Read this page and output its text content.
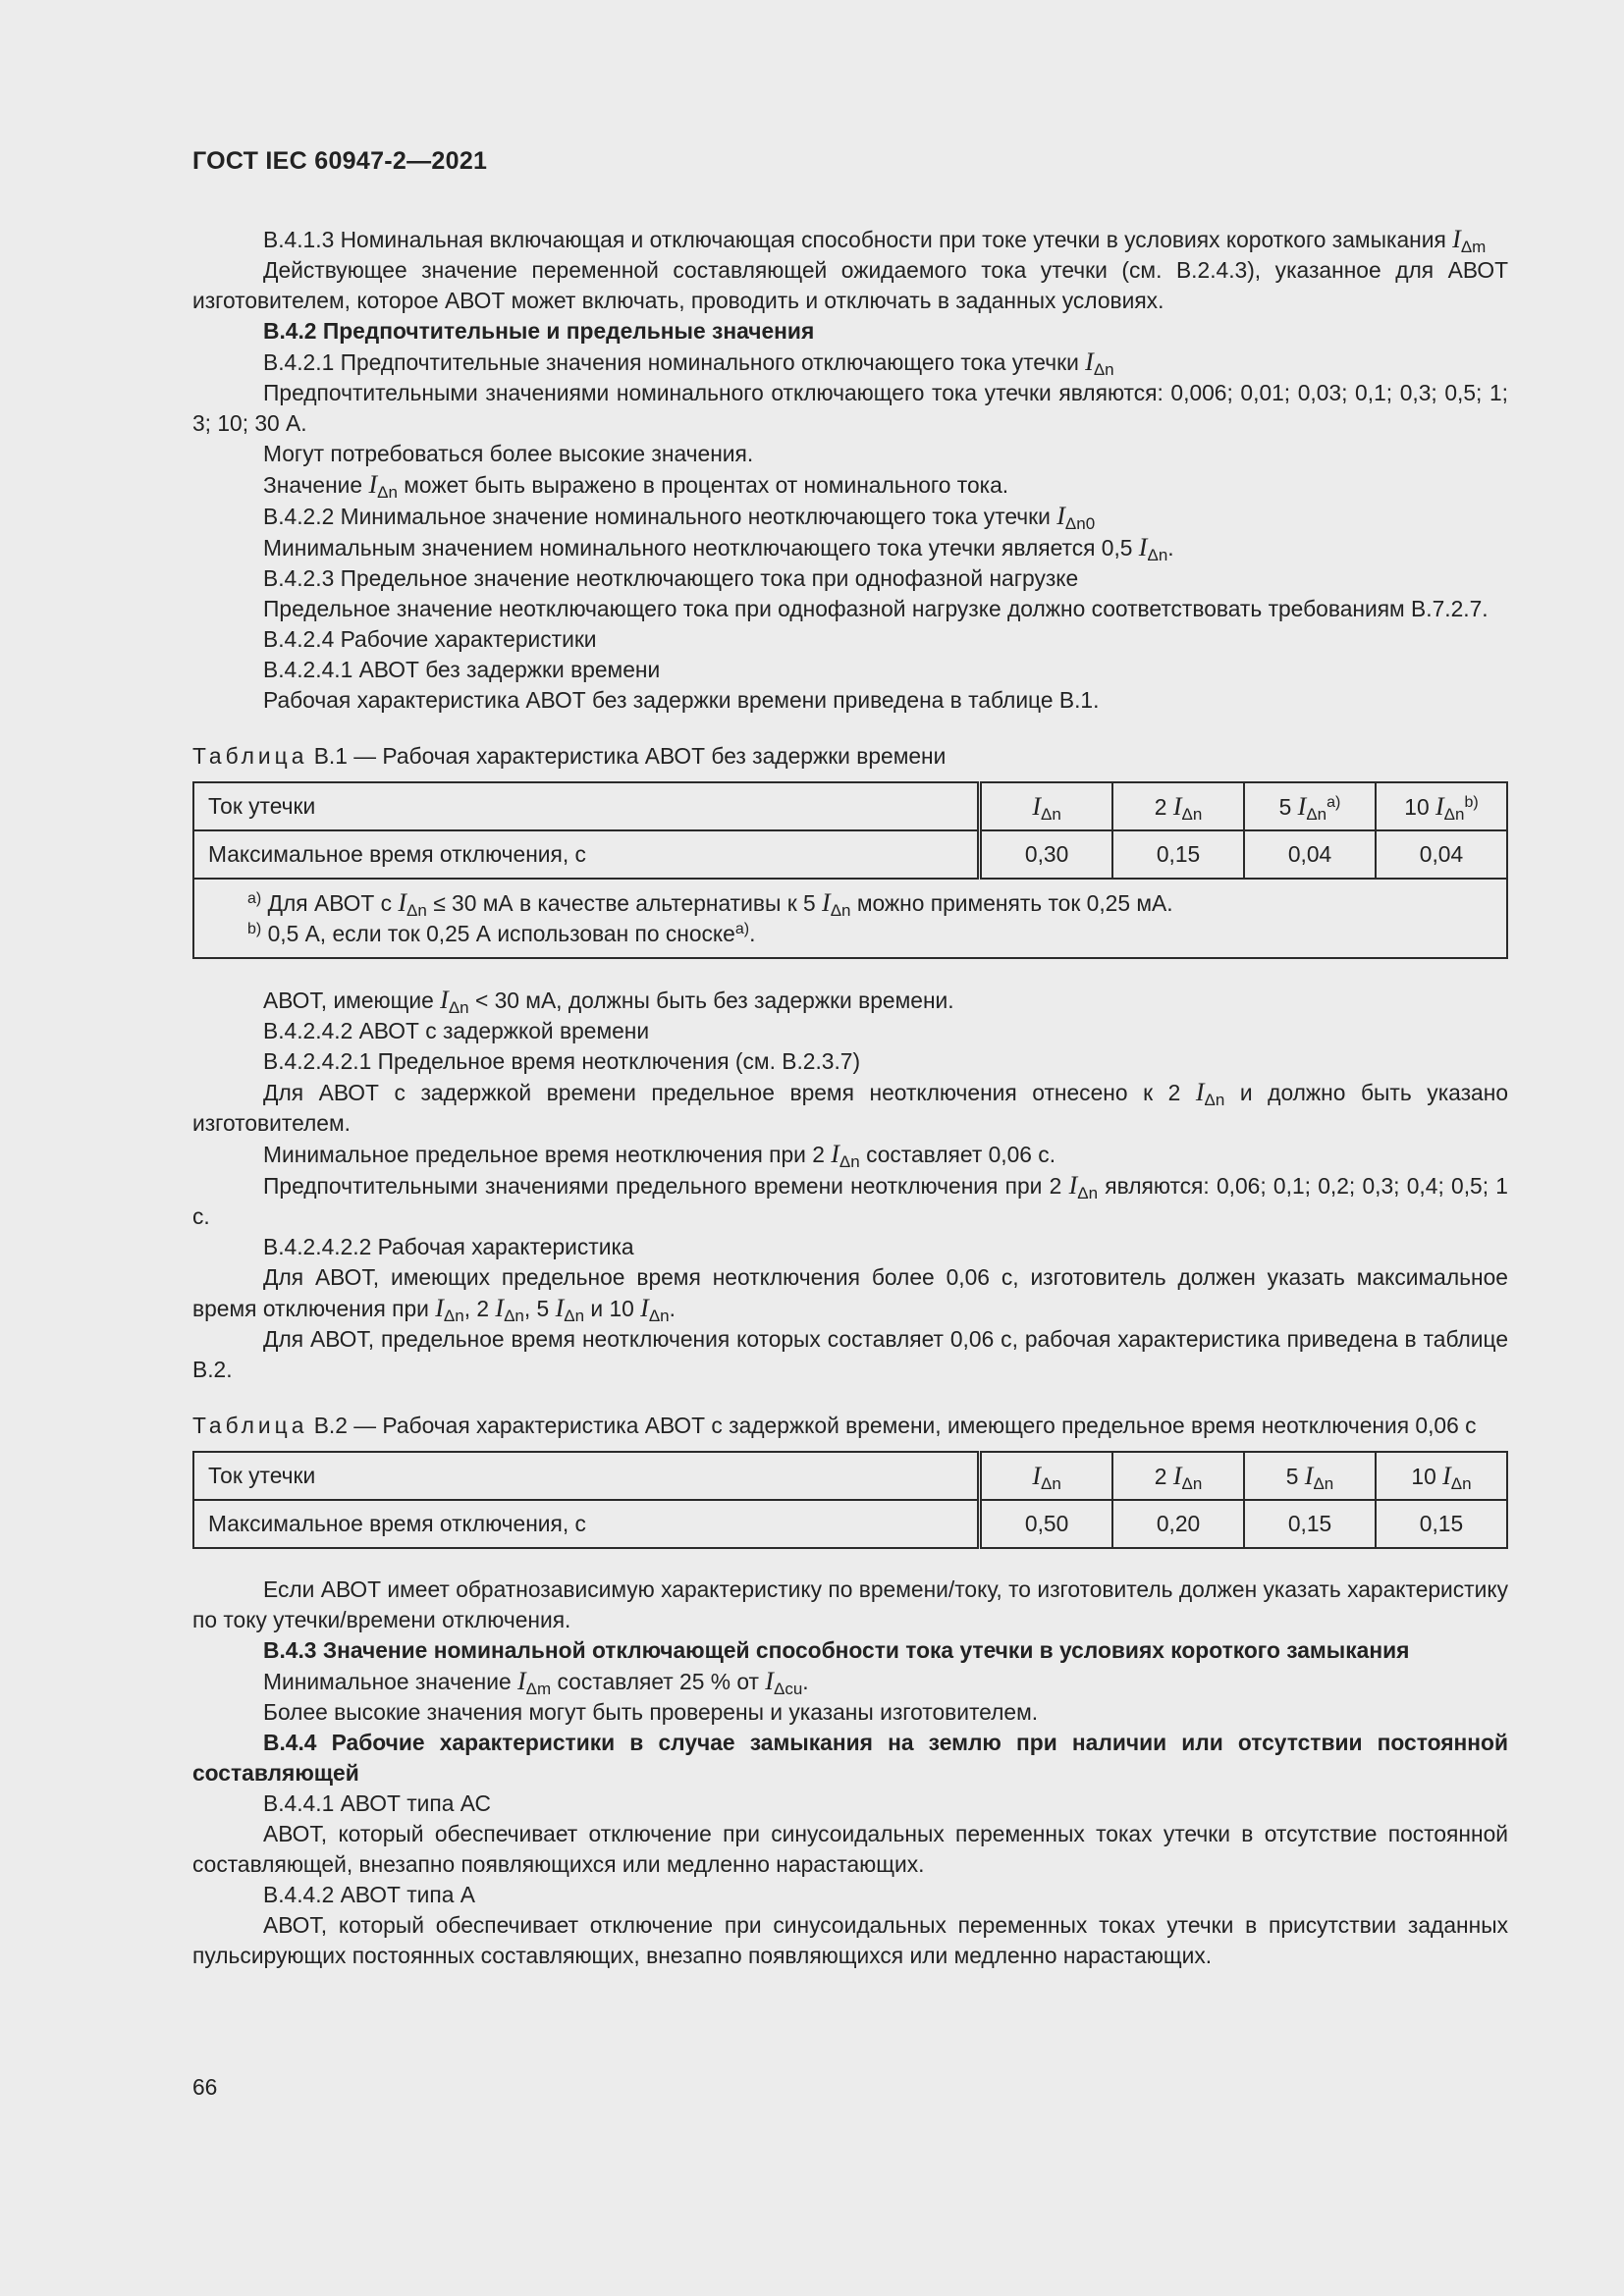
ГОСТ IEC 60947-2—2021

В.4.1.3 Номинальная включающая и отключающая способности при токе утечки в условиях короткого замыкания $I_{\Delta m}$

Действующее значение переменной составляющей ожидаемого тока утечки (см. В.2.4.3), указанное для АВОТ изготовителем, которое АВОТ может включать, проводить и отключать в заданных условиях.

В.4.2 Предпочтительные и предельные значения

В.4.2.1 Предпочтительные значения номинального отключающего тока утечки $I_{\Delta n}$

Предпочтительными значениями номинального отключающего тока утечки являются: 0,006; 0,01; 0,03; 0,1; 0,3; 0,5; 1; 3; 10; 30 А.

Могут потребоваться более высокие значения.

Значение $I_{\Delta n}$ может быть выражено в процентах от номинального тока.

В.4.2.2 Минимальное значение номинального неотключающего тока утечки $I_{\Delta n0}$

Минимальным значением номинального неотключающего тока утечки является 0,5 $I_{\Delta n}$.

В.4.2.3 Предельное значение неотключающего тока при однофазной нагрузке

Предельное значение неотключающего тока при однофазной нагрузке должно соответствовать требованиям В.7.2.7.

В.4.2.4 Рабочие характеристики

В.4.2.4.1 АВОТ без задержки времени

Рабочая характеристика АВОТ без задержки времени приведена в таблице В.1.

Таблица В.1 — Рабочая характеристика АВОТ без задержки времени

Ток утечки	$I_{\Delta n}$	2 $I_{\Delta n}$	5 $I_{\Delta n}^{a)}$	10 $I_{\Delta n}^{b)}$
Максимальное время отключения, с	0,30	0,15	0,04	0,04

$^{a)}$ Для АВОТ с $I_{\Delta n} \le 30$ мА в качестве альтернативы к 5 $I_{\Delta n}$ можно применять ток 0,25 мА.
$^{b)}$ 0,5 А, если ток 0,25 А использован по сноске$^{a)}$.				

АВОТ, имеющие $I_{\Delta n} < 30$ мА, должны быть без задержки времени.

В.4.2.4.2 АВОТ с задержкой времени

В.4.2.4.2.1 Предельное время неотключения (см. В.2.3.7)

Для АВОТ с задержкой времени предельное время неотключения отнесено к 2 $I_{\Delta n}$ и должно быть указано изготовителем.

Минимальное предельное время неотключения при 2 $I_{\Delta n}$ составляет 0,06 с.

Предпочтительными значениями предельного времени неотключения при 2 $I_{\Delta n}$ являются: 0,06; 0,1; 0,2; 0,3; 0,4; 0,5; 1 с.

В.4.2.4.2.2 Рабочая характеристика

Для АВОТ, имеющих предельное время неотключения более 0,06 с, изготовитель должен указать максимальное время отключения при $I_{\Delta n}$, 2 $I_{\Delta n}$, 5 $I_{\Delta n}$ и 10 $I_{\Delta n}$.

Для АВОТ, предельное время неотключения которых составляет 0,06 с, рабочая характеристика приведена в таблице В.2.

Таблица В.2 — Рабочая характеристика АВОТ с задержкой времени, имеющего предельное время неотключения 0,06 с

Ток утечки	$I_{\Delta n}$	2 $I_{\Delta n}$	5 $I_{\Delta n}$	10 $I_{\Delta n}$
Максимальное время отключения, с	0,50	0,20	0,15	0,15

Если АВОТ имеет обратнозависимую характеристику по времени/току, то изготовитель должен указать характеристику по току утечки/времени отключения.

В.4.3 Значение номинальной отключающей способности тока утечки в условиях короткого замыкания

Минимальное значение $I_{\Delta m}$ составляет 25 % от $I_{\Delta cu}$.

Более высокие значения могут быть проверены и указаны изготовителем.

В.4.4 Рабочие характеристики в случае замыкания на землю при наличии или отсутствии постоянной составляющей

В.4.4.1 АВОТ типа АС

АВОТ, который обеспечивает отключение при синусоидальных переменных токах утечки в отсутствие постоянной составляющей, внезапно появляющихся или медленно нарастающих.

В.4.4.2 АВОТ типа А

АВОТ, который обеспечивает отключение при синусоидальных переменных токах утечки в присутствии заданных пульсирующих постоянных составляющих, внезапно появляющихся или медленно нарастающих.

66
